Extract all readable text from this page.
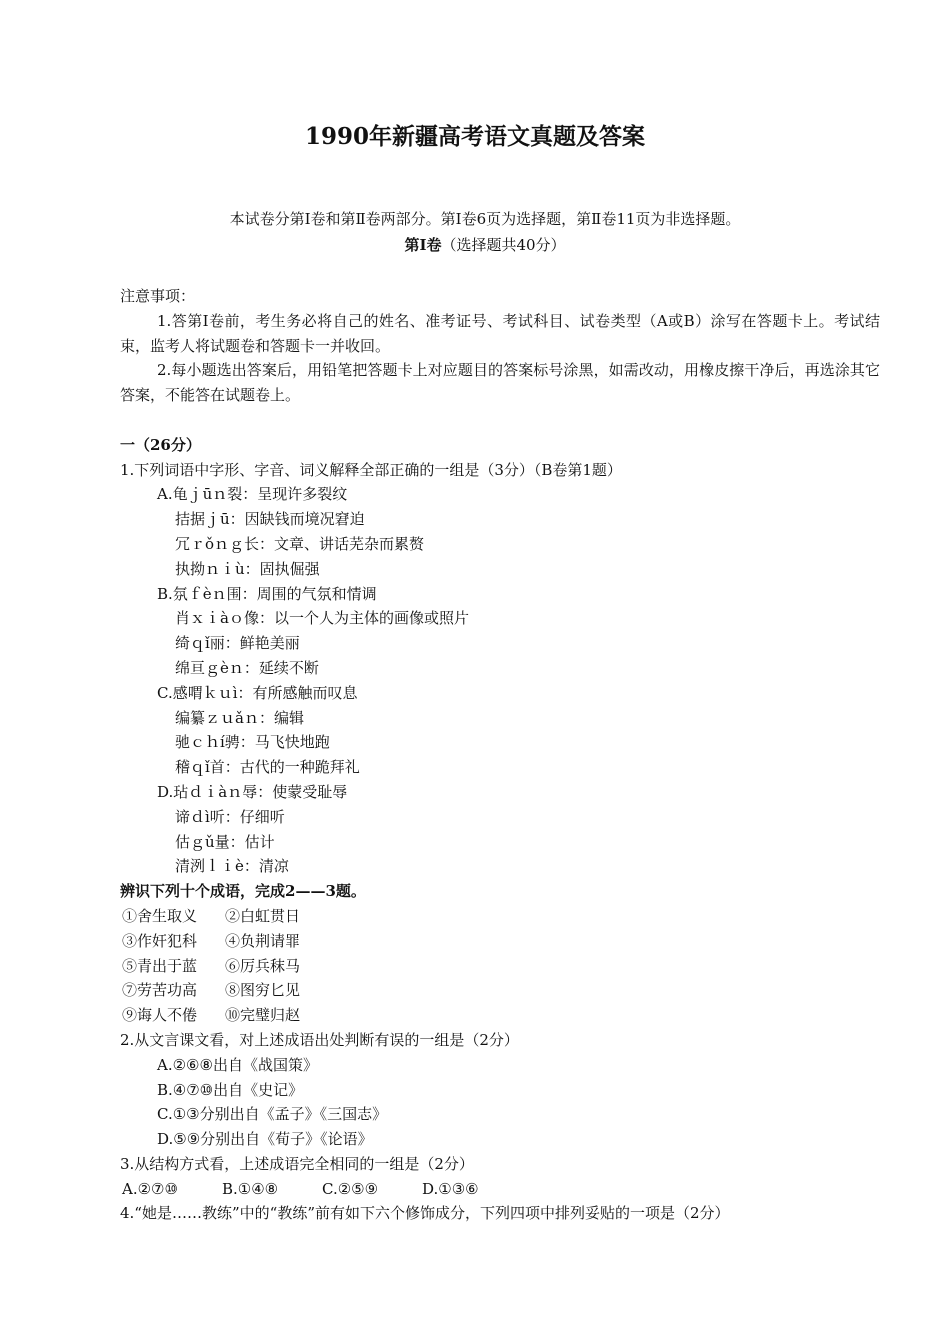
1990年新疆高考语文真题及答案
本试卷分第Ⅰ卷和第Ⅱ卷两部分。第Ⅰ卷6页为选择题，第Ⅱ卷11页为非选择题。
第Ⅰ卷（选择题共40分）
注意事项：
1.答第Ⅰ卷前，考生务必将自己的姓名、准考证号、考试科目、试卷类型（A或B）涂写在答题卡上。考试结束，监考人将试题卷和答题卡一并收回。
2.每小题选出答案后，用铅笔把答题卡上对应题目的答案标号涂黑，如需改动，用橡皮擦干净后，再选涂其它答案，不能答在试题卷上。
一（26分）
1.下列词语中字形、字音、词义解释全部正确的一组是（3分）（B卷第1题）
A.龟ｊūｎ裂：呈现许多裂纹
拮据ｊū：因缺钱而境况窘迫
冗ｒǒｎｇ长：文章、讲话芜杂而累赘
执拗ｎｉù：固执倔强
B.氛ｆèｎ围：周围的气氛和情调
肖ｘｉàｏ像：以一个人为主体的画像或照片
绮ｑǐ丽：鲜艳美丽
绵亘ｇèｎ：延续不断
C.感喟ｋｕì：有所感触而叹息
编纂ｚｕǎｎ：编辑
驰ｃｈí骋：马飞快地跑
稽ｑǐ首：古代的一种跪拜礼
D.玷ｄｉàｎ辱：使蒙受耻辱
谛ｄì听：仔细听
估ｇǔ量：估计
清洌ｌｉè：清凉
辨识下列十个成语，完成2——3题。
①舍生取义 ②白虹贯日
③作奸犯科 ④负荆请罪
⑤青出于蓝 ⑥厉兵秣马
⑦劳苦功高 ⑧图穷匕见
⑨诲人不倦 ⑩完璧归赵
2.从文言课文看，对上述成语出处判断有误的一组是（2分）
A.②⑥⑧出自《战国策》
B.④⑦⑩出自《史记》
C.①③分别出自《孟子》《三国志》
D.⑤⑨分别出自《荀子》《论语》
3.从结构方式看，上述成语完全相同的一组是（2分）
A.②⑦⑩	B.①④⑧	C.②⑤⑨	D.①③⑥
4.“她是……教练”中的“教练”前有如下六个修饰成分，下列四项中排列妥贴的一项是（2分）
